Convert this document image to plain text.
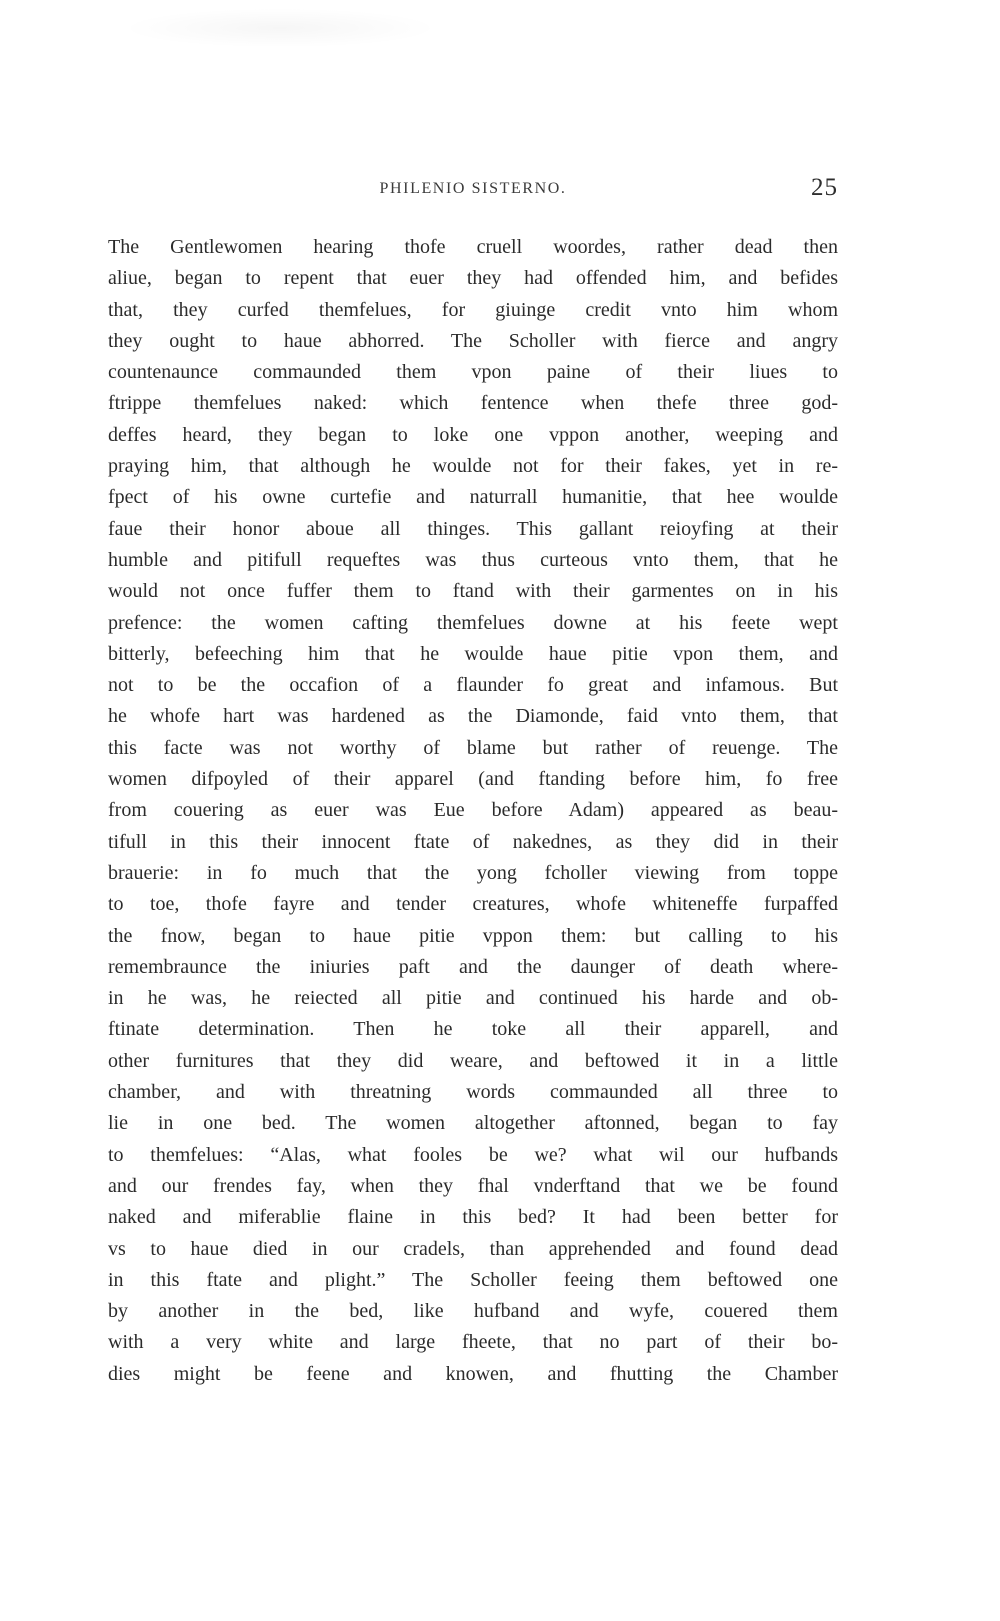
PHILENIO SISTERNO.	25
The Gentlewomen hearing thofe cruell woordes, rather dead then
aliue, began to repent that euer they had offended him, and befides
that, they curfed themfelues, for giuinge credit vnto him whom
they ought to haue abhorred. The Scholler with fierce and angry
countenaunce commaunded them vpon paine of their liues to
ftrippe themfelues naked: which fentence when thefe three god-
deffes heard, they began to loke one vppon another, weeping and
praying him, that although he woulde not for their fakes, yet in re-
fpect of his owne curtefie and naturrall humanitie, that hee woulde
faue their honor aboue all thinges. This gallant reioyfing at their
humble and pitifull requeftes was thus curteous vnto them, that he
would not once fuffer them to ftand with their garmentes on in his
prefence: the women cafting themfelues downe at his feete wept
bitterly, befeeching him that he woulde haue pitie vpon them, and
not to be the occafion of a flaunder fo great and infamous. But
he whofe hart was hardened as the Diamonde, faid vnto them, that
this facte was not worthy of blame but rather of reuenge. The
women difpoyled of their apparel (and ftanding before him, fo free
from couering as euer was Eue before Adam) appeared as beau-
tifull in this their innocent ftate of nakednes, as they did in their
brauerie: in fo much that the yong fcholler viewing from toppe
to toe, thofe fayre and tender creatures, whofe whiteneffe furpaffed
the fnow, began to haue pitie vppon them: but calling to his
remembraunce the iniuries paft and the daunger of death where-
in he was, he reiected all pitie and continued his harde and ob-
ftinate determination. Then he toke all their apparell, and
other furnitures that they did weare, and beftowed it in a little
chamber, and with threatning words commaunded all three to
lie in one bed. The women altogether aftonned, began to fay
to themfelues: “Alas, what fooles be we? what wil our hufbands
and our frendes fay, when they fhal vnderftand that we be found
naked and miferablie flaine in this bed? It had been better for
vs to haue died in our cradels, than apprehended and found dead
in this ftate and plight.” The Scholler feeing them beftowed one
by another in the bed, like hufband and wyfe, couered them
with a very white and large fheete, that no part of their bo-
dies might be feene and knowen, and fhutting the Chamber
